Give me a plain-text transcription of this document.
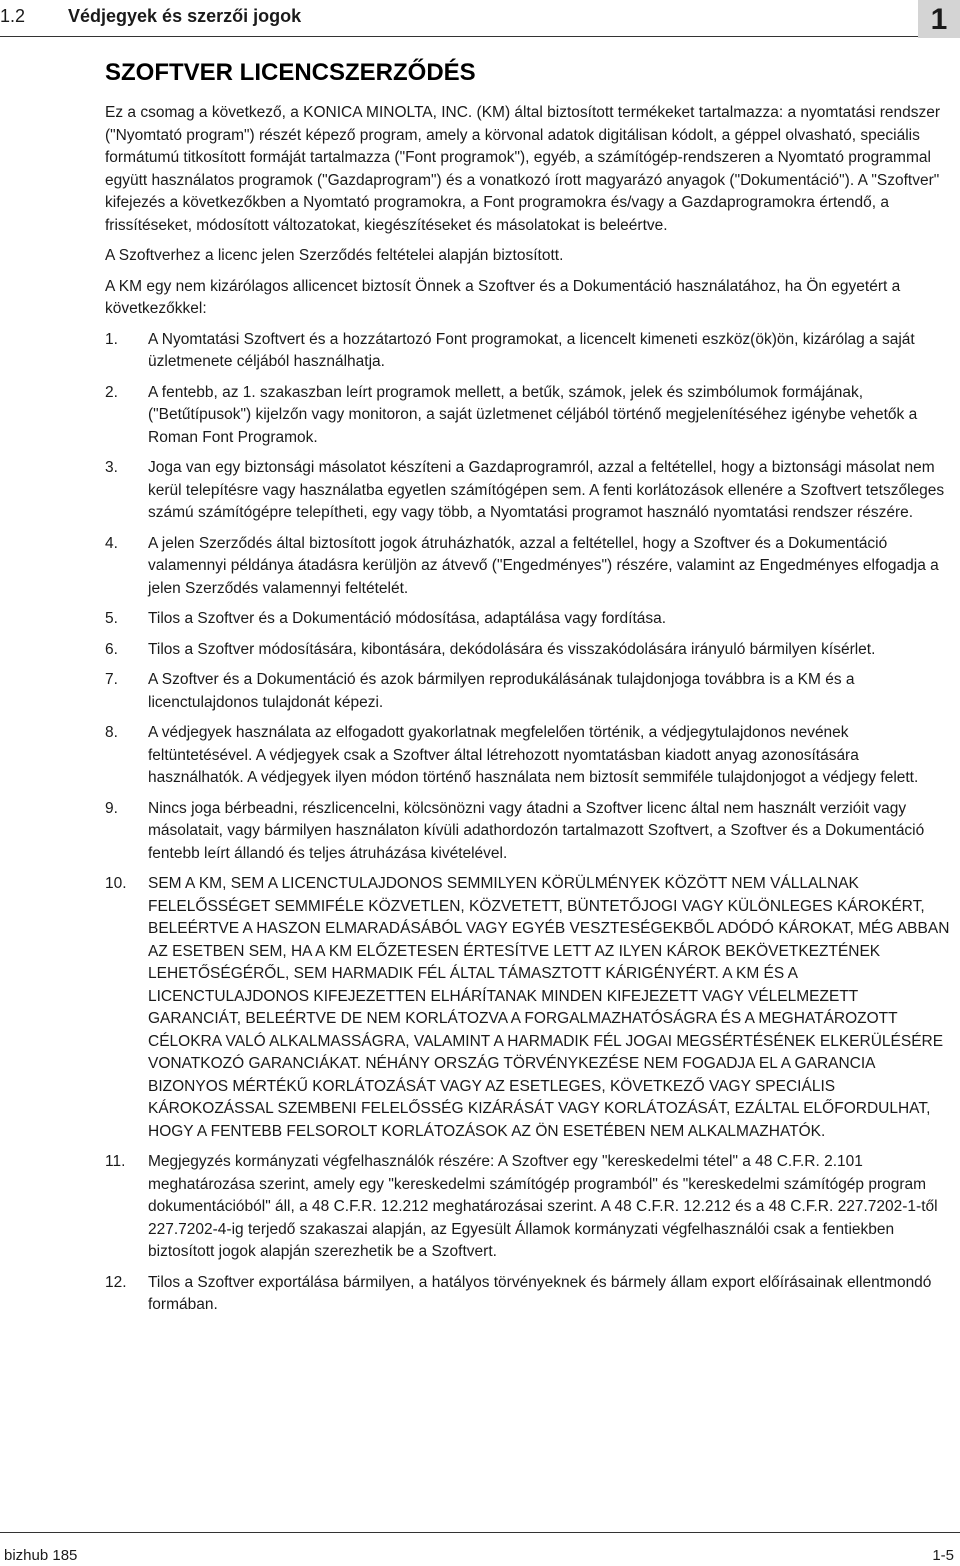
1.2 Védjegyek és szerzői jogok	1
SZOFTVER LICENCSZERZŐDÉS

Ez a csomag a következő, a KONICA MINOLTA, INC. (KM) által biztosított termékeket tartalmazza: a nyomtatási rendszer ("Nyomtató program") részét képező program, amely a körvonal adatok digitálisan kódolt, a géppel olvasható, speciális formátumú titkosított formáját tartalmazza ("Font programok"), egyéb, a számítógép-rendszeren a Nyomtató programmal együtt használatos programok ("Gazdaprogram") és a vonatkozó írott magyarázó anyagok ("Dokumentáció"). A "Szoftver" kifejezés a következőkben a Nyomtató programokra, a Font programokra és/vagy a Gazdaprogramokra értendő, a frissítéseket, módosított változatokat, kiegészítéseket és másolatokat is beleértve.

A Szoftverhez a licenc jelen Szerződés feltételei alapján biztosított.

A KM egy nem kizárólagos allicencet biztosít Önnek a Szoftver és a Dokumentáció használatához, ha Ön egyetért a következőkkel:

1. A Nyomtatási Szoftvert és a hozzátartozó Font programokat, a licencelt kimeneti eszköz(ök)ön, kizárólag a saját üzletmenete céljából használhatja.
2. A fentebb, az 1. szakaszban leírt programok mellett, a betűk, számok, jelek és szimbólumok formájának, ("Betűtípusok") kijelzőn vagy monitoron, a saját üzletmenet céljából történő megjelenítéséhez igénybe vehetők a Roman Font Programok.
3. Joga van egy biztonsági másolatot készíteni a Gazdaprogramról, azzal a feltétellel, hogy a biztonsági másolat nem kerül telepítésre vagy használatba egyetlen számítógépen sem. A fenti korlátozások ellenére a Szoftvert tetszőleges számú számítógépre telepítheti, egy vagy több, a Nyomtatási programot használó nyomtatási rendszer részére.
4. A jelen Szerződés által biztosított jogok átruházhatók, azzal a feltétellel, hogy a Szoftver és a Dokumentáció valamennyi példánya átadásra kerüljön az átvevő ("Engedményes") részére, valamint az Engedményes elfogadja a jelen Szerződés valamennyi feltételét.
5. Tilos a Szoftver és a Dokumentáció módosítása, adaptálása vagy fordítása.
6. Tilos a Szoftver módosítására, kibontására, dekódolására és visszakódolására irányuló bármilyen kísérlet.
7. A Szoftver és a Dokumentáció és azok bármilyen reprodukálásának tulajdonjoga továbbra is a KM és a licenctulajdonos tulajdonát képezi.
8. A védjegyek használata az elfogadott gyakorlatnak megfelelően történik, a védjegytulajdonos nevének feltüntetésével. A védjegyek csak a Szoftver által létrehozott nyomtatásban kiadott anyag azonosítására használhatók. A védjegyek ilyen módon történő használata nem biztosít semmiféle tulajdonjogot a védjegy felett.
9. Nincs joga bérbeadni, részlicencelni, kölcsönözni vagy átadni a Szoftver licenc által nem használt verzióit vagy másolatait, vagy bármilyen használaton kívüli adathordozón tartalmazott Szoftvert, a Szoftver és a Dokumentáció fentebb leírt állandó és teljes átruházása kivételével.
10. SEM A KM, SEM A LICENCTULAJDONOS SEMMILYEN KÖRÜLMÉNYEK KÖZÖTT NEM VÁLLALNAK FELELŐSSÉGET SEMMIFÉLE KÖZVETLEN, KÖZVETETT, BÜNTETŐJOGI VAGY KÜLÖNLEGES KÁROKÉRT, BELEÉRTVE A HASZON ELMARADÁSÁBÓL VAGY EGYÉB VESZTESÉGEKBŐL ADÓDÓ KÁROKAT, MÉG ABBAN AZ ESETBEN SEM, HA A KM ELŐZETESEN ÉRTESÍTVE LETT AZ ILYEN KÁROK BEKÖVETKEZTÉNEK LEHETŐSÉGÉRŐL, SEM HARMADIK FÉL ÁLTAL TÁMASZTOTT KÁRIGÉNYÉRT. A KM ÉS A LICENCTULAJDONOS KIFEJEZETTEN ELHÁRÍTANAK MINDEN KIFEJEZETT VAGY VÉLELMEZETT GARANCIÁT, BELEÉRTVE DE NEM KORLÁTOZVA A FORGALMAZHATÓSÁGRA ÉS A MEGHATÁROZOTT CÉLOKRA VALÓ ALKALMASSÁGRA, VALAMINT A HARMADIK FÉL JOGAI MEGSÉRTÉSÉNEK ELKERÜLÉSÉRE VONATKOZÓ GARANCIÁKAT. NÉHÁNY ORSZÁG TÖRVÉNYKEZÉSE NEM FOGADJA EL A GARANCIA BIZONYOS MÉRTÉKŰ KORLÁTOZÁSÁT VAGY AZ ESETLEGES, KÖVETKEZŐ VAGY SPECIÁLIS KÁROKOZÁSSAL SZEMBENI FELELŐSSÉG KIZÁRÁSÁT VAGY KORLÁTOZÁSÁT, EZÁLTAL ELŐFORDULHAT, HOGY A FENTEBB FELSOROLT KORLÁTOZÁSOK AZ ÖN ESETÉBEN NEM ALKALMAZHATÓK.
11. Megjegyzés kormányzati végfelhasználók részére: A Szoftver egy "kereskedelmi tétel" a 48 C.F.R. 2.101 meghatározása szerint, amely egy "kereskedelmi számítógép programból" és "kereskedelmi számítógép program dokumentációból" áll, a 48 C.F.R. 12.212 meghatározásai szerint. A 48 C.F.R. 12.212 és a 48 C.F.R. 227.7202-1-től 227.7202-4-ig terjedő szakaszai alapján, az Egyesült Államok kormányzati végfelhasználói csak a fentiekben biztosított jogok alapján szerezhetik be a Szoftvert.
12. Tilos a Szoftver exportálása bármilyen, a hatályos törvényeknek és bármely állam export előírásainak ellentmondó formában.
bizhub 185	1-5
